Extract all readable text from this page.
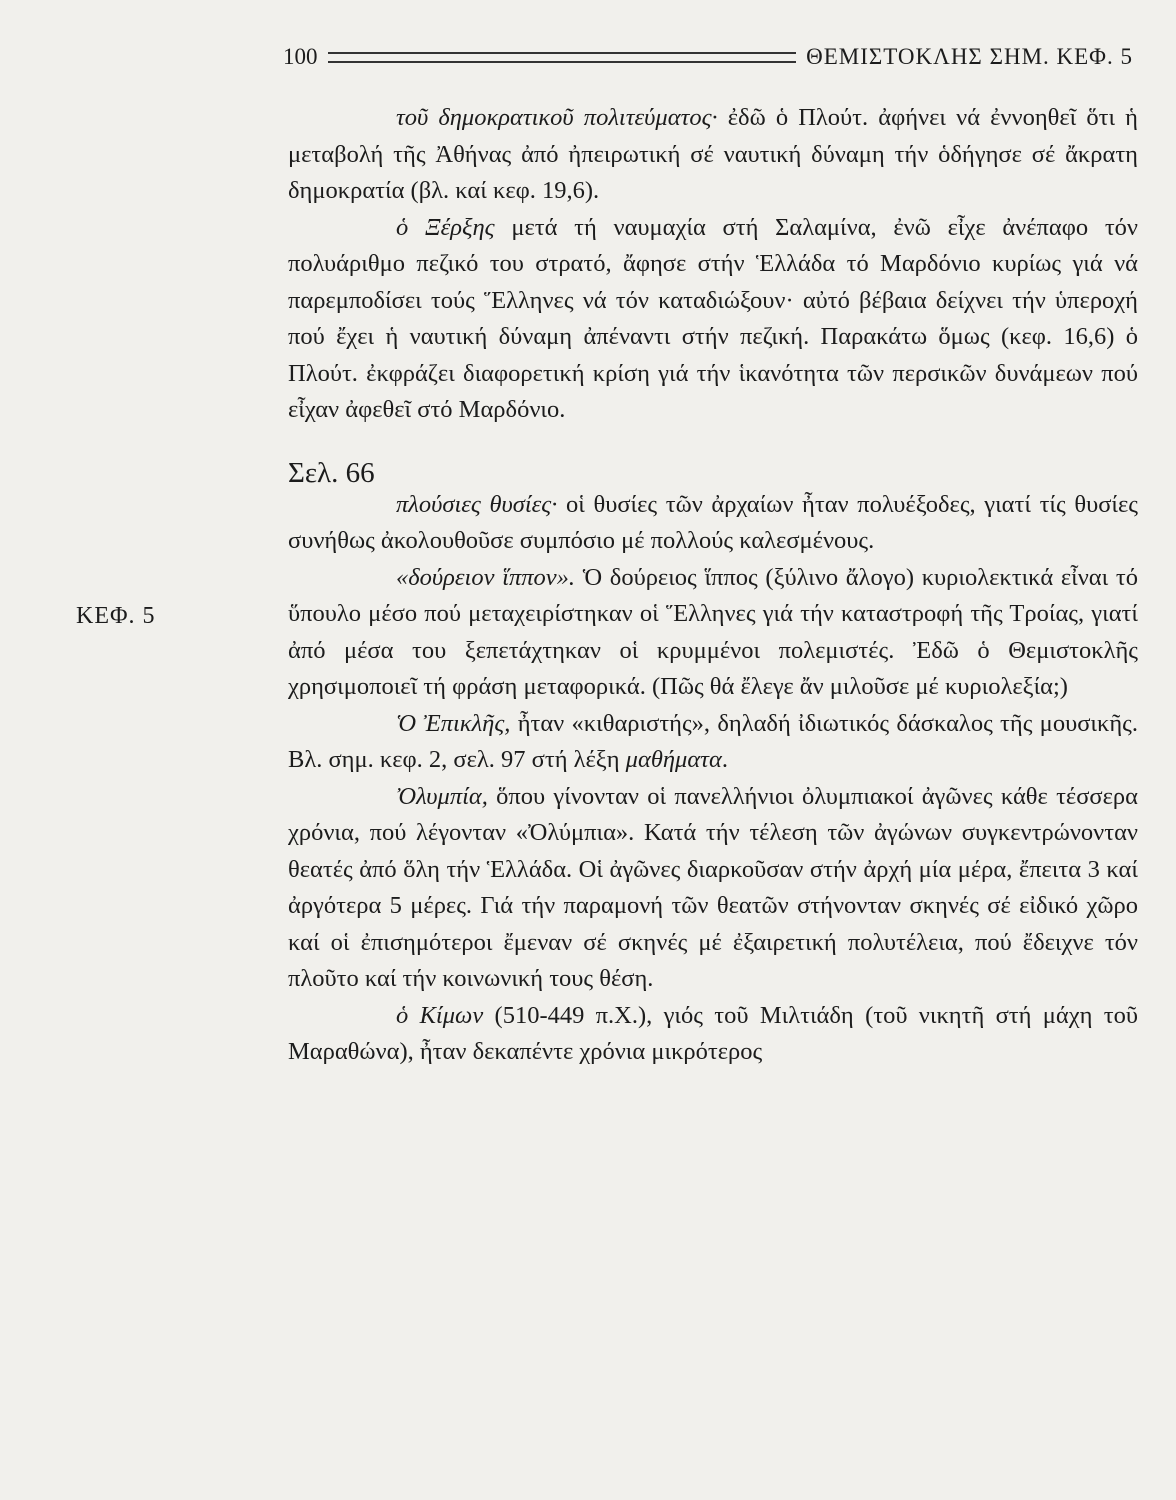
100	ΘΕΜΙΣΤΟΚΛΗΣ ΣΗΜ. ΚΕΦ. 5
ΚΕΦ. 5

τοῦ δημοκρατικοῦ πολιτεύματος· ἐδῶ ὁ Πλούτ. ἀφήνει νά ἐννοηθεῖ ὅτι ἡ μεταβολή τῆς Ἀθήνας ἀπό ἠπειρωτική σέ ναυτική δύναμη τήν ὁδήγησε σέ ἄκρατη δημοκρατία (βλ. καί κεφ. 19,6).

ὁ Ξέρξης μετά τή ναυμαχία στή Σαλαμίνα, ἐνῶ εἶχε ἀνέπαφο τόν πολυάριθμο πεζικό του στρατό, ἄφησε στήν Ἑλλάδα τό Μαρδόνιο κυρίως γιά νά παρεμποδίσει τούς Ἕλληνες νά τόν καταδιώξουν· αὐτό βέβαια δείχνει τήν ὑπεροχή πού ἔχει ἡ ναυτική δύναμη ἀπέναντι στήν πεζική. Παρακάτω ὅμως (κεφ. 16,6) ὁ Πλούτ. ἐκφράζει διαφορετική κρίση γιά τήν ἱκανότητα τῶν περσικῶν δυνάμεων πού εἶχαν ἀφεθεῖ στό Μαρδόνιο.

Σελ. 66

πλούσιες θυσίες· οἱ θυσίες τῶν ἀρχαίων ἦταν πολυέξοδες, γιατί τίς θυσίες συνήθως ἀκολουθοῦσε συμπόσιο μέ πολλούς καλεσμένους.

«δούρειον ἵππον». Ὁ δούρειος ἵππος (ξύλινο ἄλογο) κυριολεκτικά εἶναι τό ὕπουλο μέσο πού μεταχειρίστηκαν οἱ Ἕλληνες γιά τήν καταστροφή τῆς Τροίας, γιατί ἀπό μέσα του ξεπετάχτηκαν οἱ κρυμμένοι πολεμιστές. Ἐδῶ ὁ Θεμιστοκλῆς χρησιμοποιεῖ τή φράση μεταφορικά. (Πῶς θά ἔλεγε ἄν μιλοῦσε μέ κυριολεξία;)

Ὁ Ἐπικλῆς, ἦταν «κιθαριστής», δηλαδή ἰδιωτικός δάσκαλος τῆς μουσικῆς. Βλ. σημ. κεφ. 2, σελ. 97 στή λέξη μαθήματα.

Ὀλυμπία, ὅπου γίνονταν οἱ πανελλήνιοι ὀλυμπιακοί ἀγῶνες κάθε τέσσερα χρόνια, πού λέγονταν «Ὀλύμπια». Κατά τήν τέλεση τῶν ἀγώνων συγκεντρώνονταν θεατές ἀπό ὅλη τήν Ἑλλάδα. Οἱ ἀγῶνες διαρκοῦσαν στήν ἀρχή μία μέρα, ἔπειτα 3 καί ἀργότερα 5 μέρες. Γιά τήν παραμονή τῶν θεατῶν στήνονταν σκηνές σέ εἰδικό χῶρο καί οἱ ἐπισημότεροι ἔμεναν σέ σκηνές μέ ἐξαιρετική πολυτέλεια, πού ἔδειχνε τόν πλοῦτο καί τήν κοινωνική τους θέση.

ὁ Κίμων (510-449 π.Χ.), γιός τοῦ Μιλτιάδη (τοῦ νικητῆ στή μάχη τοῦ Μαραθώνα), ἦταν δεκαπέντε χρόνια μικρότερος
